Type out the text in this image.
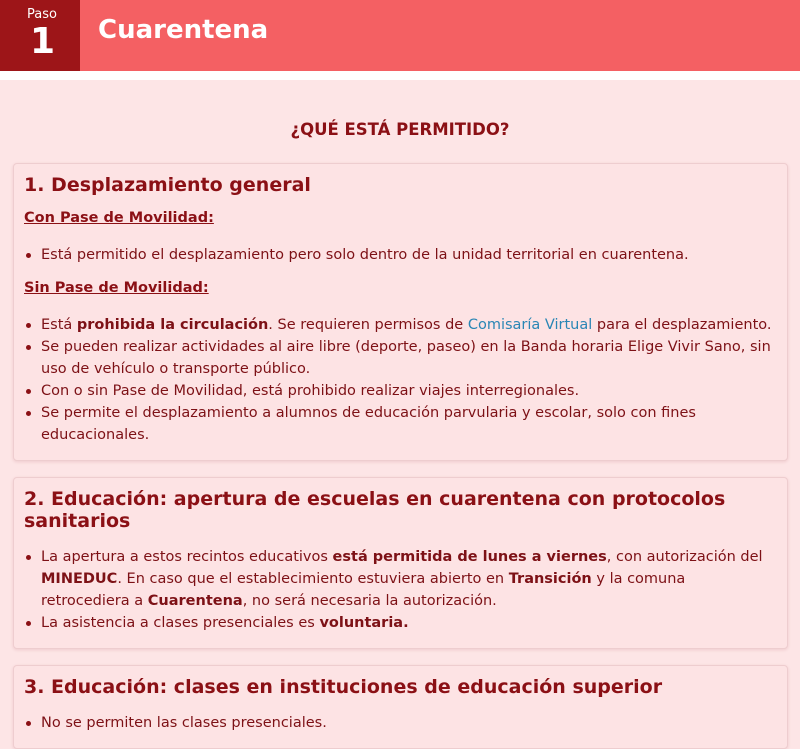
Paso
1 Cuarentena
¿QUÉ ESTÁ PERMITIDO?
1. Desplazamiento general
Con Pase de Movilidad:
Está permitido el desplazamiento pero solo dentro de la unidad territorial en cuarentena.
Sin Pase de Movilidad:
Está prohibida la circulación. Se requieren permisos de Comisaría Virtual para el desplazamiento.
Se pueden realizar actividades al aire libre (deporte, paseo) en la Banda horaria Elige Vivir Sano, sin uso de vehículo o transporte público.
Con o sin Pase de Movilidad, está prohibido realizar viajes interregionales.
Se permite el desplazamiento a alumnos de educación parvularia y escolar, solo con fines educacionales.
2. Educación: apertura de escuelas en cuarentena con protocolos sanitarios
La apertura a estos recintos educativos está permitida de lunes a viernes, con autorización del MINEDUC. En caso que el establecimiento estuviera abierto en Transición y la comuna retrocediera a Cuarentena, no será necesaria la autorización.
La asistencia a clases presenciales es voluntaria.
3. Educación: clases en instituciones de educación superior
No se permiten las clases presenciales.
